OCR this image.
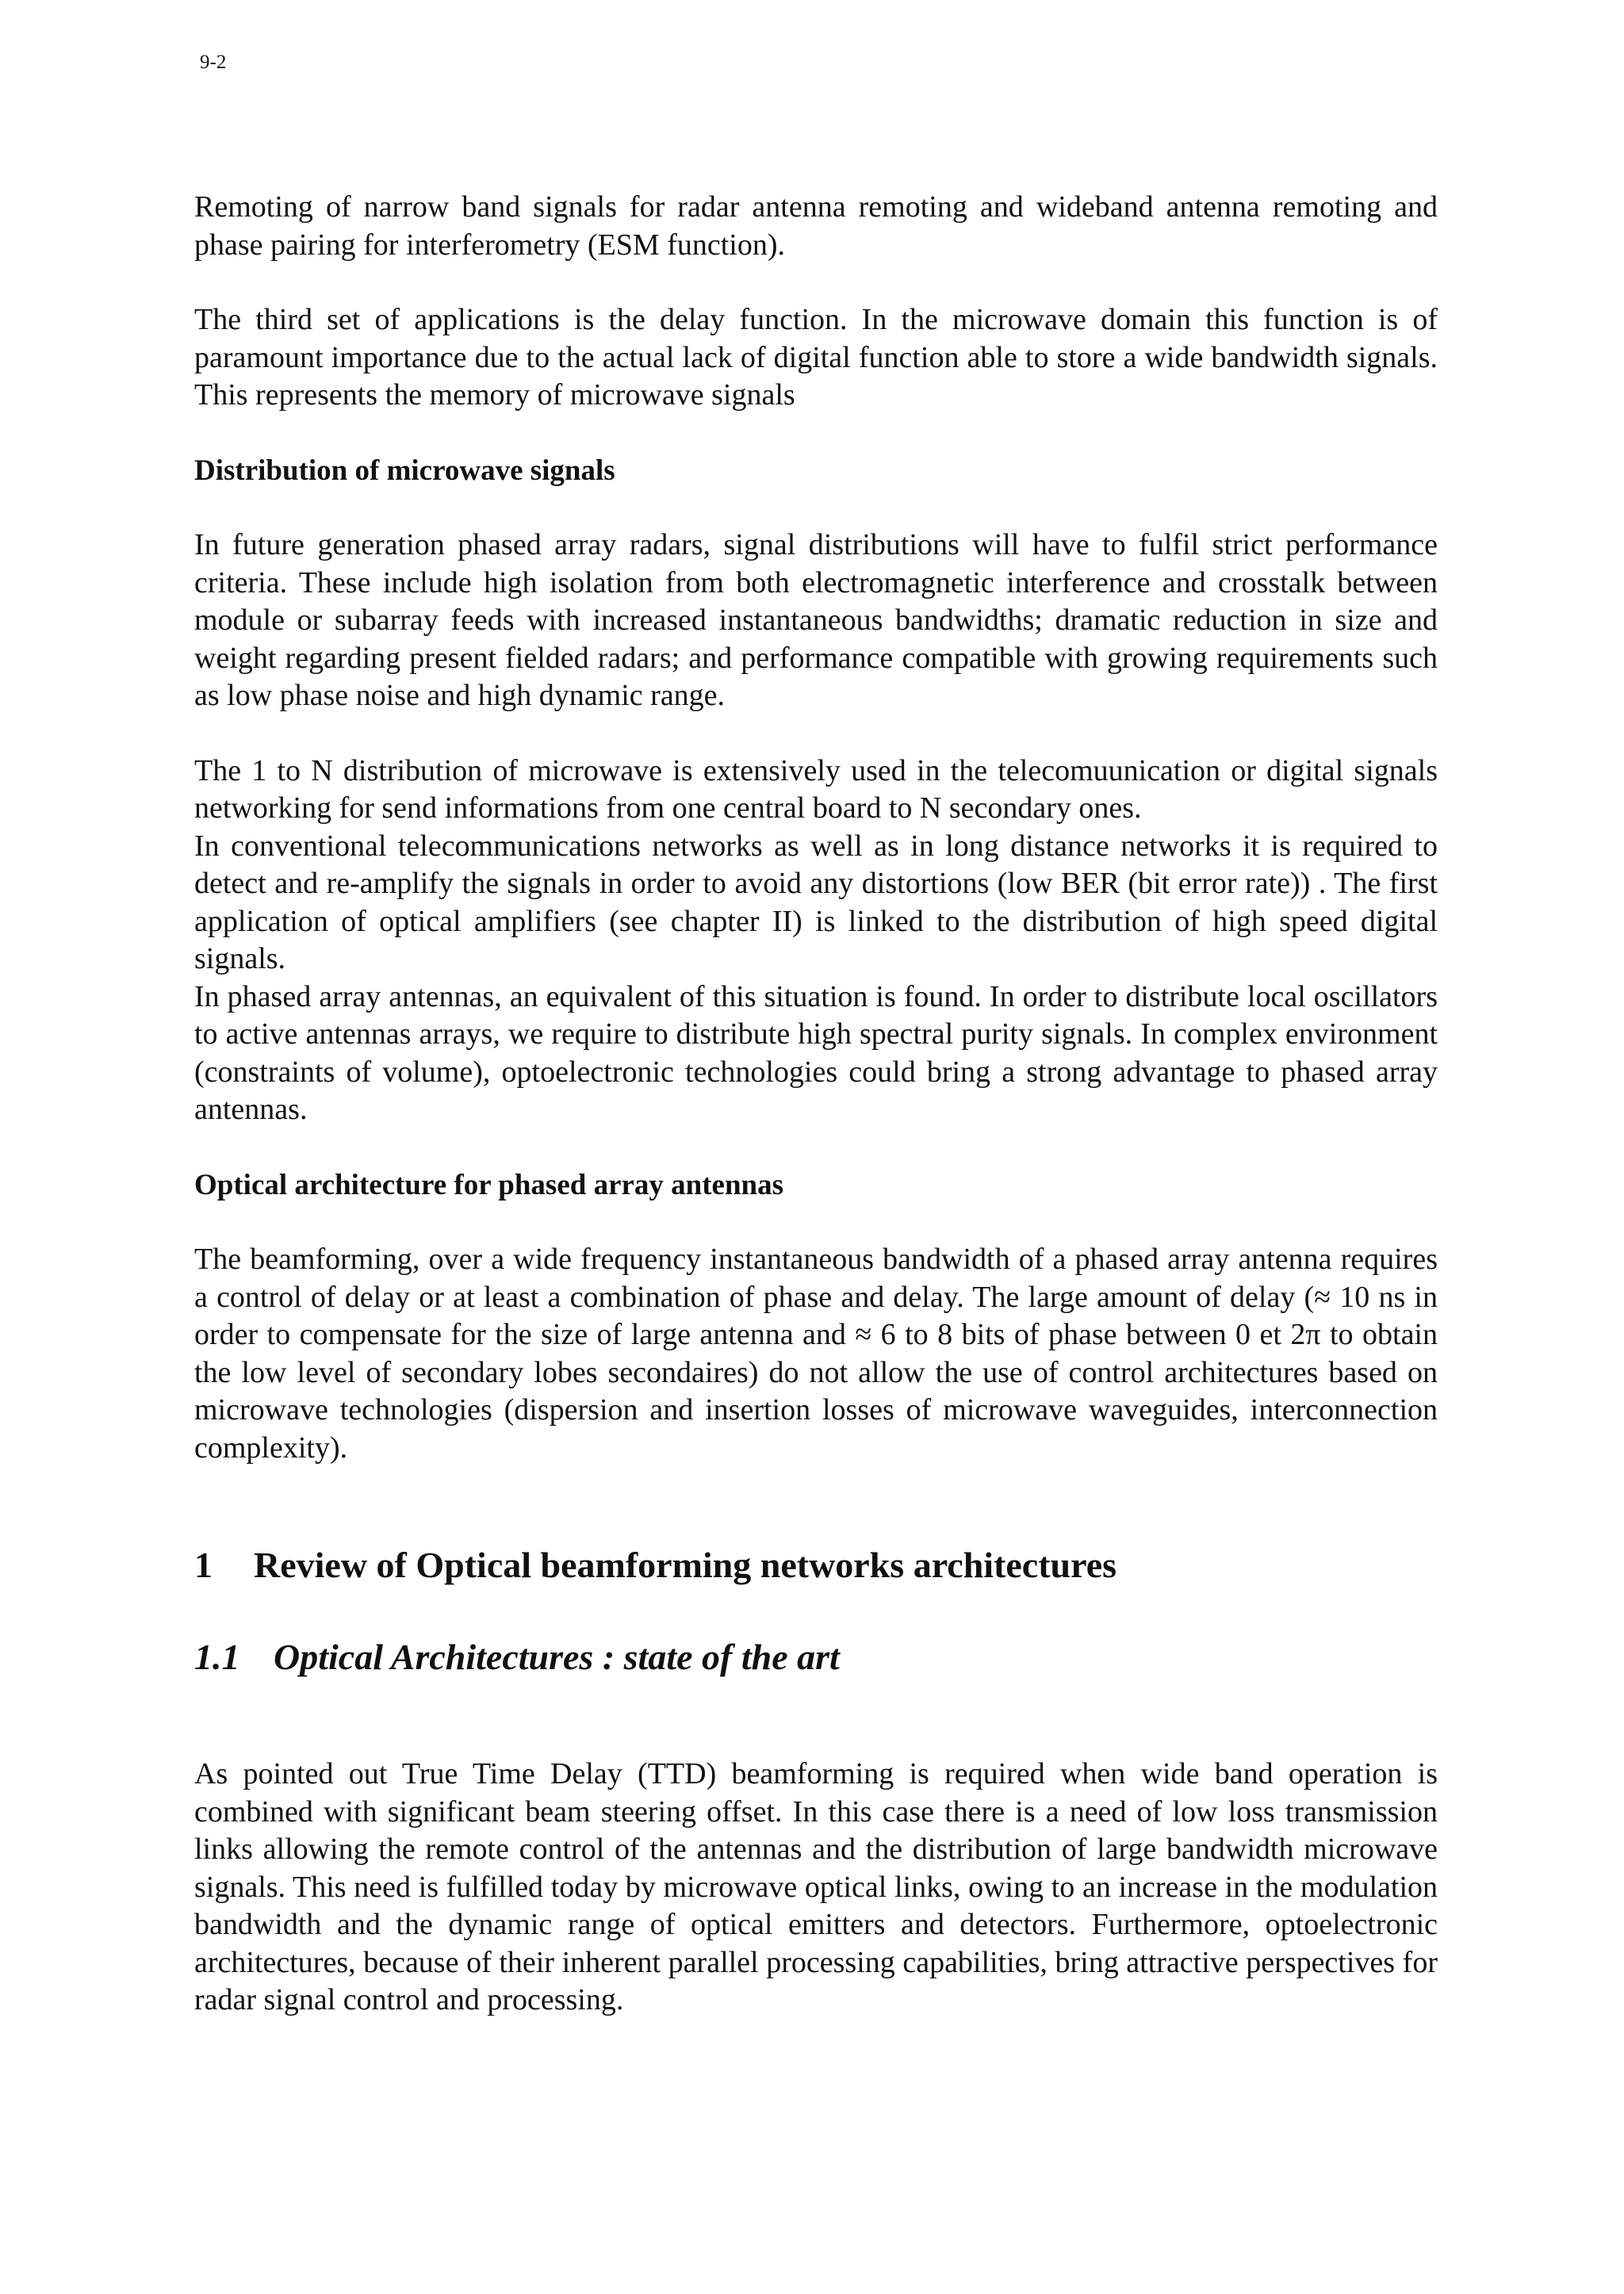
9-2

Remoting of narrow band signals for radar antenna remoting and wideband antenna remoting and phase pairing for interferometry (ESM function).

The third set of applications is the delay function. In the microwave domain this function is of paramount importance due to the actual lack of digital function able to store a wide bandwidth signals. This represents the memory of microwave signals

Distribution of microwave signals

In future generation phased array radars, signal distributions will have to fulfil strict performance criteria. These include high isolation from both electromagnetic interference and crosstalk between module or subarray feeds with increased instantaneous bandwidths; dramatic reduction in size and weight regarding present fielded radars; and performance compatible with growing requirements such as low phase noise and high dynamic range.

The 1 to N distribution of microwave is extensively used in the telecomuunication or digital signals networking for send informations from one central board to N secondary ones.

In conventional telecommunications networks as well as in long distance networks it is required to detect and re-amplify the signals in order to avoid any distortions (low BER (bit error rate)) . The first application of optical amplifiers (see chapter II) is linked to the distribution of high speed digital signals.

In phased array antennas, an equivalent of this situation is found. In order to distribute local oscillators to active antennas arrays, we require to distribute high spectral purity signals. In complex environment (constraints of volume), optoelectronic technologies could bring a strong advantage to phased array antennas.

Optical architecture for phased array antennas

The beamforming, over a wide frequency instantaneous bandwidth of a phased array antenna requires a control of delay or at least a combination of phase and delay. The large amount of delay (≈ 10 ns in order to compensate for the size of large antenna and ≈ 6 to 8 bits of phase between 0 et 2π to obtain the low level of secondary lobes secondaires) do not allow the use of control architectures based on microwave technologies (dispersion and insertion losses of microwave waveguides, interconnection complexity).

1 Review of Optical beamforming networks architectures
1.1 Optical Architectures : state of the art

As pointed out True Time Delay (TTD) beamforming is required when wide band operation is combined with significant beam steering offset. In this case there is a need of low loss transmission links allowing the remote control of the antennas and the distribution of large bandwidth microwave signals. This need is fulfilled today by microwave optical links, owing to an increase in the modulation bandwidth and the dynamic range of optical emitters and detectors. Furthermore, optoelectronic architectures, because of their inherent parallel processing capabilities, bring attractive perspectives for radar signal control and processing.
